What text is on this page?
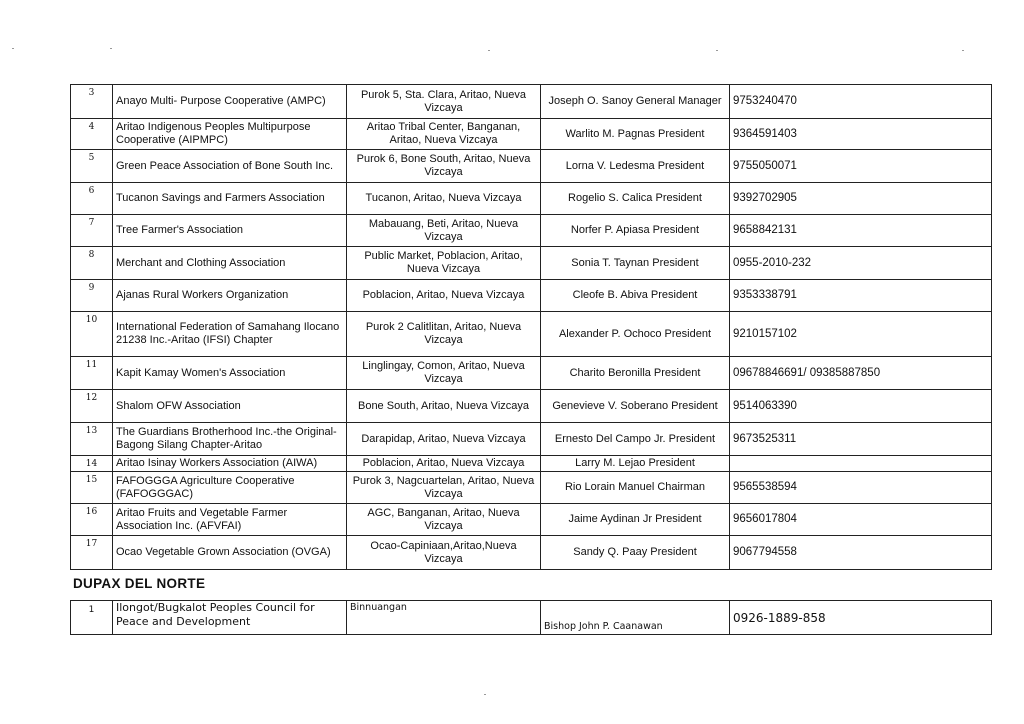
3	Anayo Multi- Purpose Cooperative (AMPC)	Purok 5, Sta. Clara, Aritao, Nueva Vizcaya	Joseph O. Sanoy General Manager	9753240470
4	Aritao Indigenous Peoples Multipurpose Cooperative (AIPMPC)	Aritao Tribal Center, Banganan, Aritao, Nueva Vizcaya	Warlito M. Pagnas President	9364591403
5	Green Peace Association of Bone South Inc.	Purok 6, Bone South, Aritao, Nueva Vizcaya	Lorna V. Ledesma President	9755050071
6	Tucanon Savings and Farmers Association	Tucanon, Aritao, Nueva Vizcaya	Rogelio S. Calica President	9392702905
7	Tree Farmer's Association	Mabauang, Beti, Aritao, Nueva Vizcaya	Norfer P. Apiasa President	9658842131
8	Merchant and Clothing Association	Public Market, Poblacion, Aritao, Nueva Vizcaya	Sonia T. Taynan President	0955-2010-232
9	Ajanas Rural Workers Organization	Poblacion, Aritao, Nueva Vizcaya	Cleofe B. Abiva President	9353338791
10	International Federation of Samahang Ilocano 21238 Inc.-Aritao (IFSI) Chapter	Purok 2 Calitlitan, Aritao, Nueva Vizcaya	Alexander P. Ochoco President	9210157102
11	Kapit Kamay Women's Association	Linglingay, Comon, Aritao, Nueva Vizcaya	Charito Beronilla President	09678846691/ 09385887850
12	Shalom OFW Association	Bone South, Aritao, Nueva Vizcaya	Genevieve V. Soberano President	9514063390
13	The Guardians Brotherhood Inc.-the Original-Bagong Silang Chapter-Aritao	Darapidap, Aritao, Nueva Vizcaya	Ernesto Del Campo Jr. President	9673525311
14	Aritao Isinay Workers Association (AIWA)	Poblacion, Aritao, Nueva Vizcaya	Larry M. Lejao President	
15	FAFOGGGA Agriculture Cooperative (FAFOGGGAC)	Purok 3, Nagcuartelan, Aritao, Nueva Vizcaya	Rio Lorain Manuel Chairman	9565538594
16	Aritao Fruits and Vegetable Farmer Association Inc. (AFVFAI)	AGC, Banganan, Aritao, Nueva Vizcaya	Jaime Aydinan Jr President	9656017804
17	Ocao Vegetable Grown Association (OVGA)	Ocao-Capiniaan,Aritao,Nueva Vizcaya	Sandy Q. Paay President	9067794558
DUPAX DEL NORTE
1	Ilongot/Bugkalot Peoples Council for Peace and Development	Binnuangan	Bishop John P. Caanawan	0926-1889-858
